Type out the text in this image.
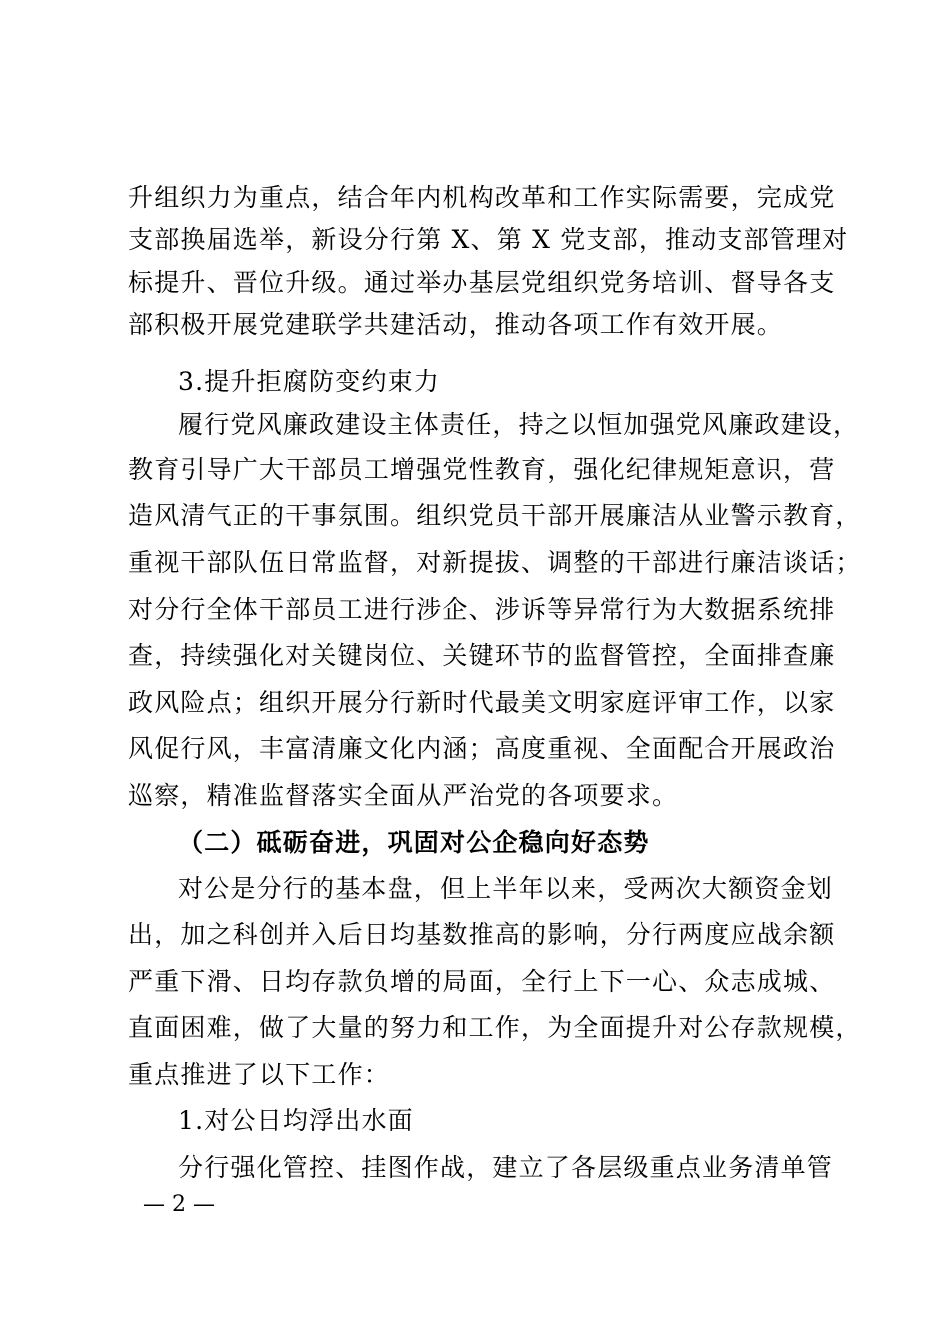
升组织力为重点，结合年内机构改革和工作实际需要，完成党
支部换届选举，新设分行第 X、第 X 党支部，推动支部管理对
标提升、晋位升级。通过举办基层党组织党务培训、督导各支
部积极开展党建联学共建活动，推动各项工作有效开展。
3.提升拒腐防变约束力
履行党风廉政建设主体责任，持之以恒加强党风廉政建设，
教育引导广大干部员工增强党性教育，强化纪律规矩意识，营
造风清气正的干事氛围。组织党员干部开展廉洁从业警示教育，
重视干部队伍日常监督，对新提拔、调整的干部进行廉洁谈话；
对分行全体干部员工进行涉企、涉诉等异常行为大数据系统排
查，持续强化对关键岗位、关键环节的监督管控，全面排查廉
政风险点；组织开展分行新时代最美文明家庭评审工作，以家
风促行风，丰富清廉文化内涵；高度重视、全面配合开展政治
巡察，精准监督落实全面从严治党的各项要求。
（二）砥砺奋进，巩固对公企稳向好态势
对公是分行的基本盘，但上半年以来，受两次大额资金划
出，加之科创并入后日均基数推高的影响，分行两度应战余额
严重下滑、日均存款负增的局面，全行上下一心、众志成城、
直面困难，做了大量的努力和工作，为全面提升对公存款规模，
重点推进了以下工作：
1.对公日均浮出水面
分行强化管控、挂图作战，建立了各层级重点业务清单管
— 2 —
